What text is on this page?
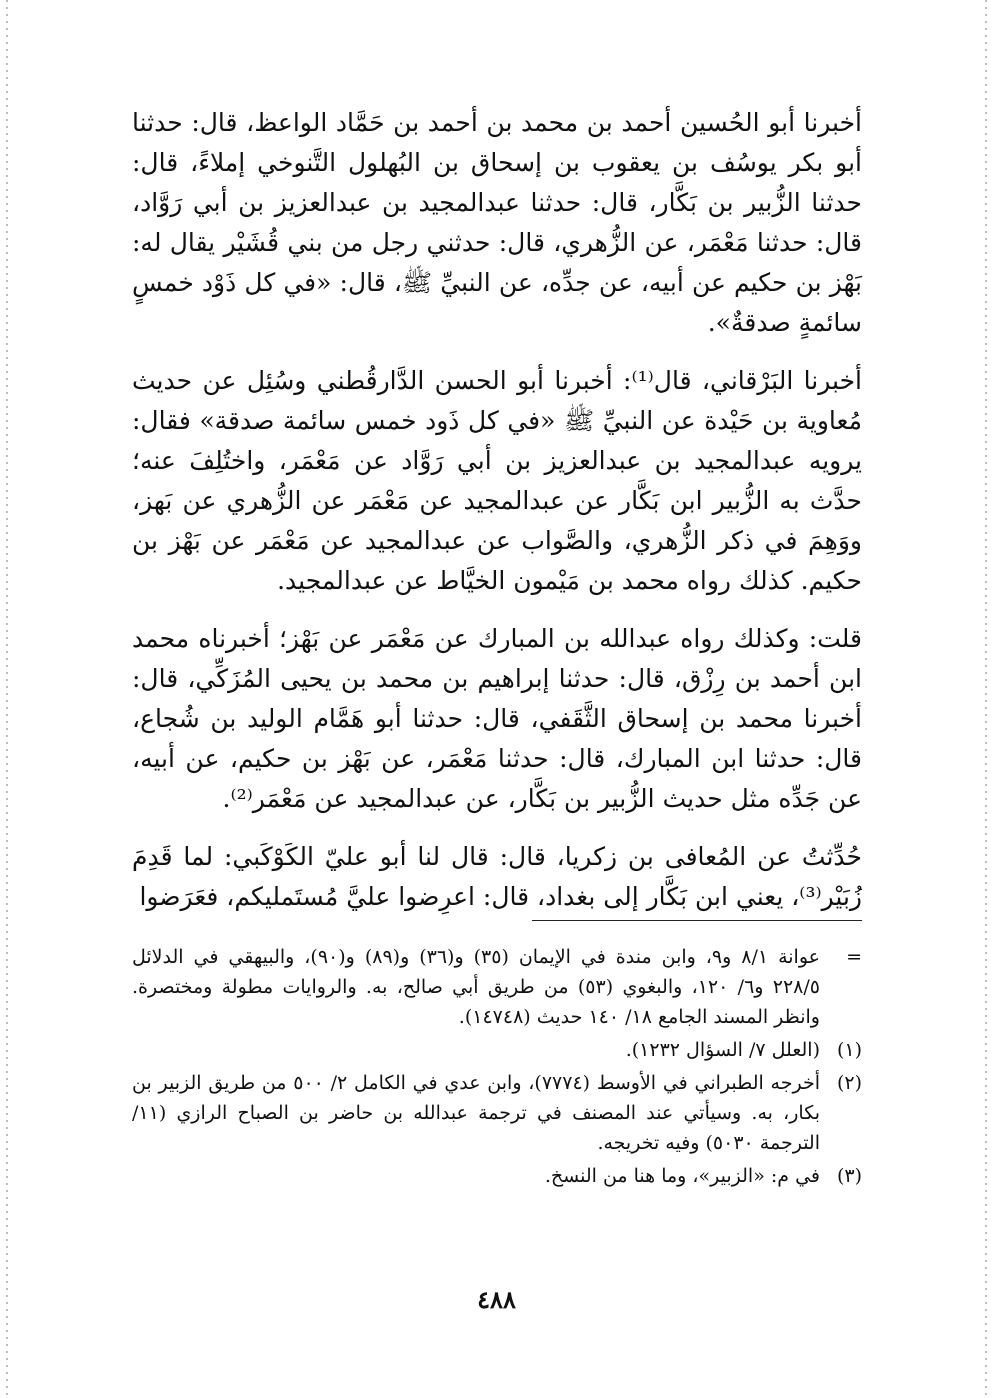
أخبرنا أبو الحُسين أحمد بن محمد بن أحمد بن حَمَّاد الواعظ، قال: حدثنا أبو بكر يوسُف بن يعقوب بن إسحاق بن البُهلول التَّنوخي إملاءً، قال: حدثنا الزُّبير بن بَكَّار، قال: حدثنا عبدالمجيد بن عبدالعزيز بن أبي رَوَّاد، قال: حدثنا مَعْمَر، عن الزُّهري، قال: حدثني رجل من بني قُشَيْر يقال له: بَهْز بن حكيم عن أبيه، عن جدِّه، عن النبيِّ ﷺ، قال: «في كل ذَوْد خمسٍ سائمةٍ صدقةٌ».

أخبرنا البَرْقاني، قال⁽¹⁾: أخبرنا أبو الحسن الدَّارقُطني وسُئِل عن حديث مُعاوية بن حَيْدة عن النبيِّ ﷺ «في كل ذَود خمس سائمة صدقة» فقال: يرويه عبدالمجيد بن عبدالعزيز بن أبي رَوَّاد عن مَعْمَر، واختُلِفَ عنه؛ حدَّث به الزُّبير ابن بَكَّار عن عبدالمجيد عن مَعْمَر عن الزُّهري عن بَهز، ووَهِمَ في ذكر الزُّهري، والصَّواب عن عبدالمجيد عن مَعْمَر عن بَهْز بن حكيم. كذلك رواه محمد بن مَيْمون الخيَّاط عن عبدالمجيد.

قلت: وكذلك رواه عبدالله بن المبارك عن مَعْمَر عن بَهْز؛ أخبرناه محمد ابن أحمد بن رِزْق، قال: حدثنا إبراهيم بن محمد بن يحيى المُزَكِّي، قال: أخبرنا محمد بن إسحاق الثَّقَفي، قال: حدثنا أبو هَمَّام الوليد بن شُجاع، قال: حدثنا ابن المبارك، قال: حدثنا مَعْمَر، عن بَهْز بن حكيم، عن أبيه، عن جَدِّه مثل حديث الزُّبير بن بَكَّار، عن عبدالمجيد عن مَعْمَر⁽²⁾.

حُدِّثتُ عن المُعافى بن زكريا، قال: قال لنا أبو عليّ الكَوْكَبي: لما قَدِمَ زُبَيْر⁽³⁾، يعني ابن بَكَّار إلى بغداد، قال: اعرِضوا عليَّ مُستَمليكم، فعَرَضوا

=
عوانة ٨/١ و٩، وابن مندة في الإيمان (٣٥) و(٣٦) و(٨٩) و(٩٠)، والبيهقي في الدلائل ٢٢٨/٥ و٦/ ١٢٠، والبغوي (٥٣) من طريق أبي صالح، به. والروايات مطولة ومختصرة. وانظر المسند الجامع ١٨/ ١٤٠ حديث (١٤٧٤٨).
(١)
(العلل ٧/ السؤال ١٢٣٢).
(٢)
أخرجه الطبراني في الأوسط (٧٧٧٤)، وابن عدي في الكامل ٢/ ٥٠٠ من طريق الزبير بن بكار، به. وسيأتي عند المصنف في ترجمة عبدالله بن حاضر بن الصباح الرازي (١١/ الترجمة ٥٠٣٠) وفيه تخريجه.
(٣)
في م: «الزبير»، وما هنا من النسخ.
٤٨٨
